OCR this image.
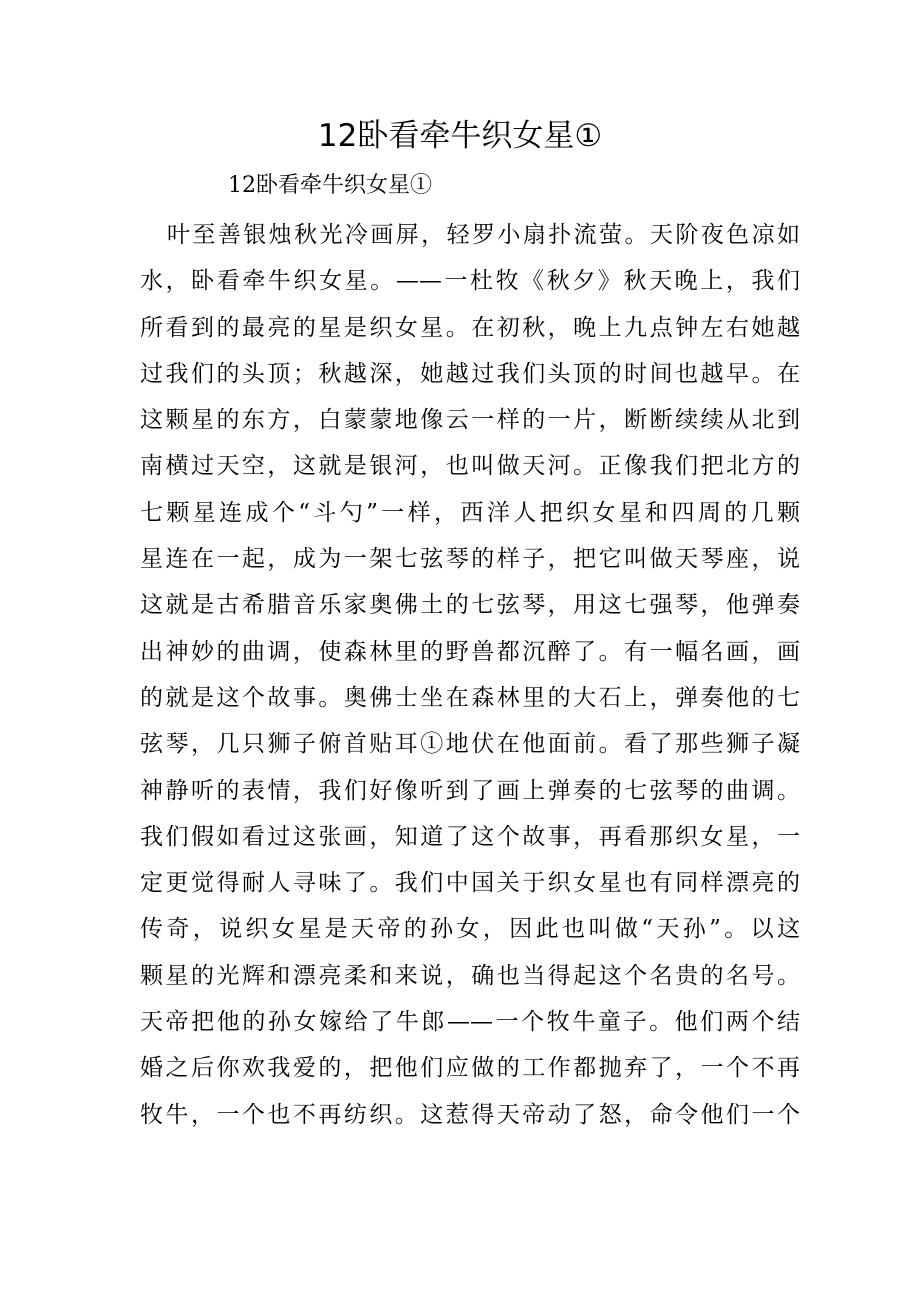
12卧看牵牛织女星①
12卧看牵牛织女星①
叶至善银烛秋光冷画屏，轻罗小扇扑流萤。天阶夜色凉如
水，卧看牵牛织女星。——一杜牧《秋夕》秋天晚上，我们
所看到的最亮的星是织女星。在初秋，晚上九点钟左右她越
过我们的头顶；秋越深，她越过我们头顶的时间也越早。在
这颗星的东方，白蒙蒙地像云一样的一片，断断续续从北到
南横过天空，这就是银河，也叫做天河。正像我们把北方的
七颗星连成个“斗勺”一样，西洋人把织女星和四周的几颗
星连在一起，成为一架七弦琴的样子，把它叫做天琴座，说
这就是古希腊音乐家奥佛土的七弦琴，用这七强琴，他弹奏
出神妙的曲调，使森林里的野兽都沉醉了。有一幅名画，画
的就是这个故事。奥佛士坐在森林里的大石上，弹奏他的七
弦琴，几只狮子俯首贴耳①地伏在他面前。看了那些狮子凝
神静听的表情，我们好像听到了画上弹奏的七弦琴的曲调。
我们假如看过这张画，知道了这个故事，再看那织女星，一
定更觉得耐人寻味了。我们中国关于织女星也有同样漂亮的
传奇，说织女星是天帝的孙女，因此也叫做“天孙”。以这
颗星的光辉和漂亮柔和来说，确也当得起这个名贵的名号。
天帝把他的孙女嫁给了牛郎——一个牧牛童子。他们两个结
婚之后你欢我爱的，把他们应做的工作都抛弃了，一个不再
牧牛，一个也不再纺织。这惹得天帝动了怒，命令他们一个
